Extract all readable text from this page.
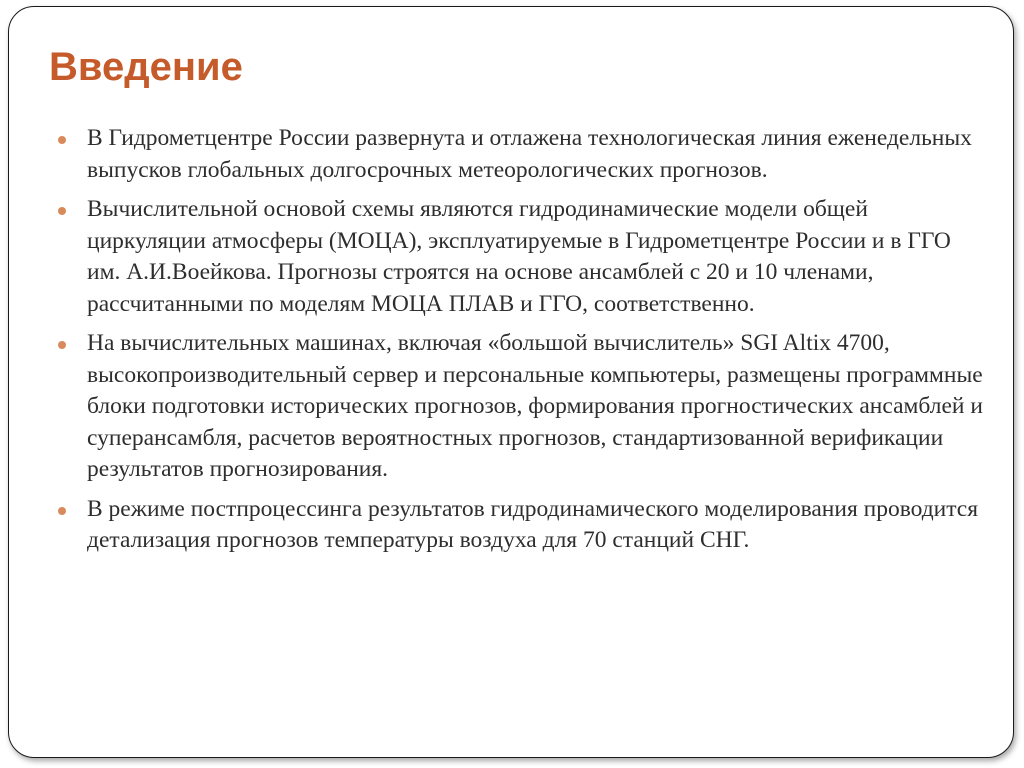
Введение
В Гидрометцентре России развернута и отлажена технологическая линия еженедельных выпусков глобальных долгосрочных метеорологических прогнозов.
Вычислительной основой схемы являются гидродинамические модели общей циркуляции атмосферы (МОЦА), эксплуатируемые в Гидрометцентре России и в ГГО им. А.И.Воейкова. Прогнозы строятся на основе ансамблей с 20 и 10 членами, рассчитанными по моделям МОЦА ПЛАВ и ГГО, соответственно.
На вычислительных машинах, включая «большой вычислитель» SGI Altix 4700, высокопроизводительный сервер и персональные компьютеры, размещены программные блоки подготовки исторических прогнозов, формирования прогностических ансамблей и суперансамбля, расчетов вероятностных прогнозов, стандартизованной верификации результатов прогнозирования.
В режиме постпроцессинга результатов гидродинамического моделирования проводится детализация прогнозов температуры воздуха для 70 станций СНГ.
